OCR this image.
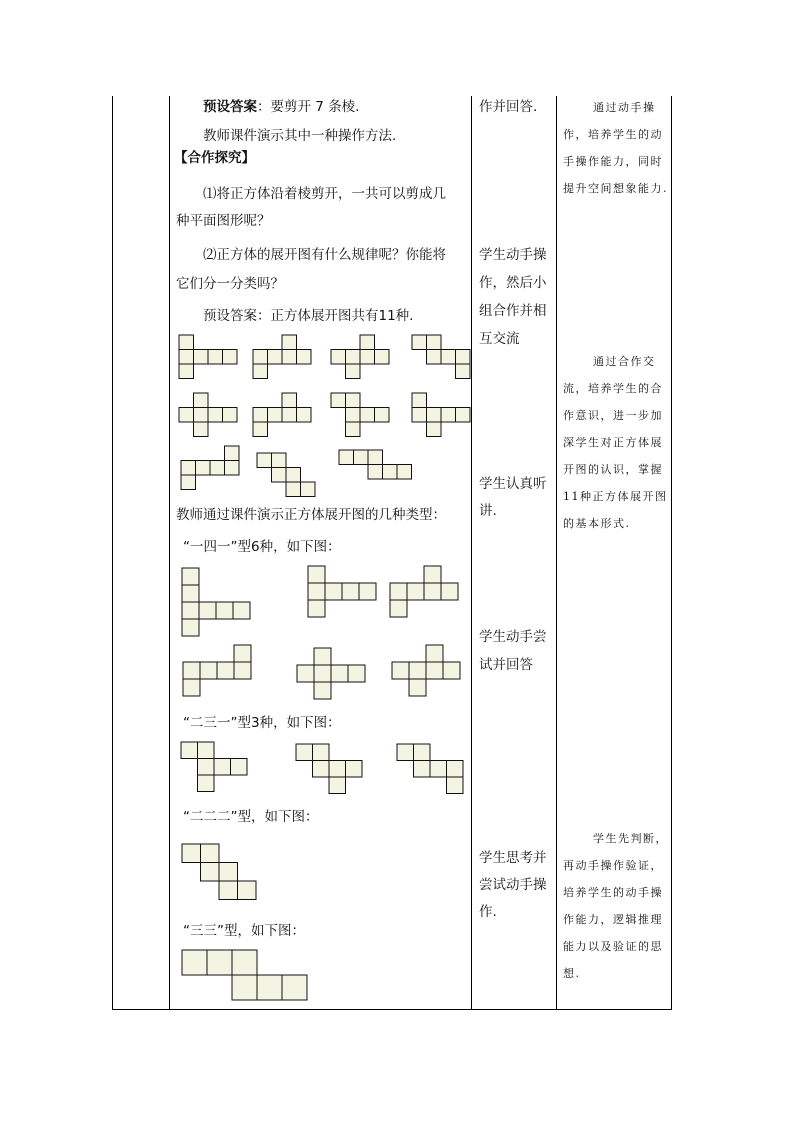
预设答案：要剪开 7 条棱.
教师课件演示其中一种操作方法.
【合作探究】
⑴将正方体沿着棱剪开，一共可以剪成几
种平面图形呢？
⑵正方体的展开图有什么规律呢？你能将
它们分一分类吗？
预设答案：正方体展开图共有11种.
教师通过课件演示正方体展开图的几种类型：
“一四一”型6种，如下图：
“二三一”型3种，如下图：
“二二二”型，如下图：
“三三”型，如下图：
作并回答.
学生动手操作，然后小组合作并相互交流
学生认真听讲.
学生动手尝试并回答
学生思考并尝试动手操作.
通过动手操作，培养学生的动手操作能力，同时提升空间想象能力.
通过合作交流，培养学生的合作意识，进一步加深学生对正方体展开图的认识，掌握11种正方体展开图的基本形式.
学生先判断，再动手操作验证，培养学生的动手操作能力，逻辑推理能力以及验证的思想.
